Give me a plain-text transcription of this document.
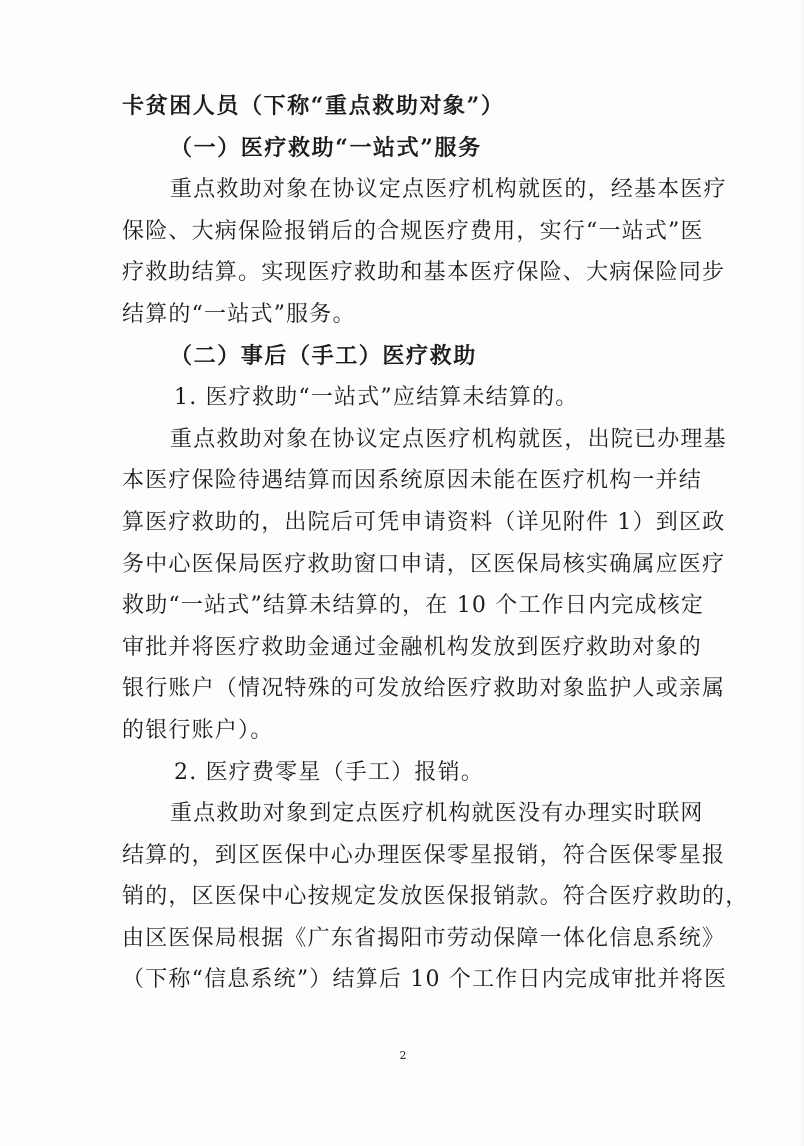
卡贫困人员（下称“重点救助对象”）
（一）医疗救助“一站式”服务
重点救助对象在协议定点医疗机构就医的，经基本医疗
保险、大病保险报销后的合规医疗费用，实行“一站式”医
疗救助结算。实现医疗救助和基本医疗保险、大病保险同步
结算的“一站式”服务。
（二）事后（手工）医疗救助
1. 医疗救助“一站式”应结算未结算的。
重点救助对象在协议定点医疗机构就医，出院已办理基
本医疗保险待遇结算而因系统原因未能在医疗机构一并结
算医疗救助的，出院后可凭申请资料（详见附件 1）到区政
务中心医保局医疗救助窗口申请，区医保局核实确属应医疗
救助“一站式”结算未结算的，在 10 个工作日内完成核定
审批并将医疗救助金通过金融机构发放到医疗救助对象的
银行账户（情况特殊的可发放给医疗救助对象监护人或亲属
的银行账户）。
2. 医疗费零星（手工）报销。
重点救助对象到定点医疗机构就医没有办理实时联网
结算的，到区医保中心办理医保零星报销，符合医保零星报
销的，区医保中心按规定发放医保报销款。符合医疗救助的，
由区医保局根据《广东省揭阳市劳动保障一体化信息系统》
（下称“信息系统”）结算后 10 个工作日内完成审批并将医
2
